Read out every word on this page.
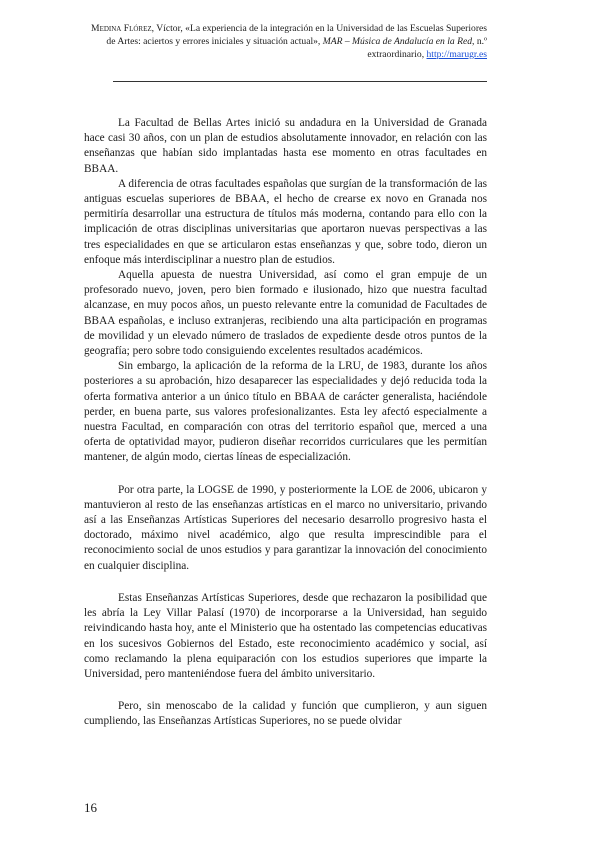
Medina Flórez, Víctor, «La experiencia de la integración en la Universidad de las Escuelas Superiores de Artes: aciertos y errores iniciales y situación actual», MAR – Música de Andalucía en la Red, n.º extraordinario, http://marugr.es

La Facultad de Bellas Artes inició su andadura en la Universidad de Granada hace casi 30 años, con un plan de estudios absolutamente innovador, en relación con las enseñanzas que habían sido implantadas hasta ese momento en otras facultades en BBAA.

A diferencia de otras facultades españolas que surgían de la transformación de las antiguas escuelas superiores de BBAA, el hecho de crearse ex novo en Granada nos permitiría desarrollar una estructura de títulos más moderna, contando para ello con la implicación de otras disciplinas universitarias que aportaron nuevas perspectivas a las tres especialidades en que se articularon estas enseñanzas y que, sobre todo, dieron un enfoque más interdisciplinar a nuestro plan de estudios.

Aquella apuesta de nuestra Universidad, así como el gran empuje de un profesorado nuevo, joven, pero bien formado e ilusionado, hizo que nuestra facultad alcanzase, en muy pocos años, un puesto relevante entre la comunidad de Facultades de BBAA españolas, e incluso extranjeras, recibiendo una alta participación en programas de movilidad y un elevado número de traslados de expediente desde otros puntos de la geografía; pero sobre todo consiguiendo excelentes resultados académicos.

Sin embargo, la aplicación de la reforma de la LRU, de 1983, durante los años posteriores a su aprobación, hizo desaparecer las especialidades y dejó reducida toda la oferta formativa anterior a un único título en BBAA de carácter generalista, haciéndole perder, en buena parte, sus valores profesionalizantes. Esta ley afectó especialmente a nuestra Facultad, en comparación con otras del territorio español que, merced a una oferta de optatividad mayor, pudieron diseñar recorridos curriculares que les permitían mantener, de algún modo, ciertas líneas de especialización.

Por otra parte, la LOGSE de 1990, y posteriormente la LOE de 2006, ubicaron y mantuvieron al resto de las enseñanzas artísticas en el marco no universitario, privando así a las Enseñanzas Artísticas Superiores del necesario desarrollo progresivo hasta el doctorado, máximo nivel académico, algo que resulta imprescindible para el reconocimiento social de unos estudios y para garantizar la innovación del conocimiento en cualquier disciplina.

Estas Enseñanzas Artísticas Superiores, desde que rechazaron la posibilidad que les abría la Ley Villar Palasí (1970) de incorporarse a la Universidad, han seguido reivindicando hasta hoy, ante el Ministerio que ha ostentado las competencias educativas en los sucesivos Gobiernos del Estado, este reconocimiento académico y social, así como reclamando la plena equiparación con los estudios superiores que imparte la Universidad, pero manteniéndose fuera del ámbito universitario.

Pero, sin menoscabo de la calidad y función que cumplieron, y aun siguen cumpliendo, las Enseñanzas Artísticas Superiores, no se puede olvidar

16
